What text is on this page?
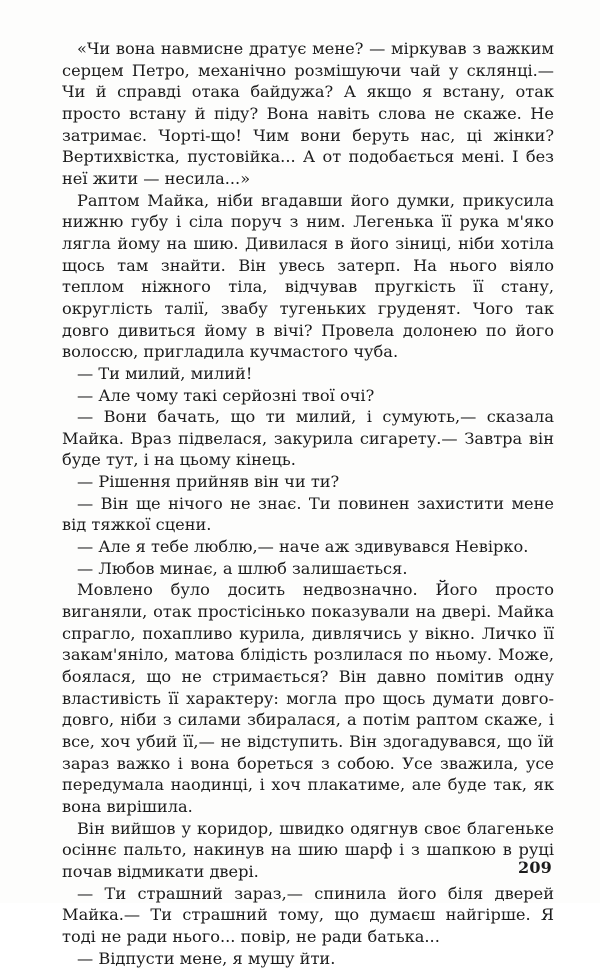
«Чи вона навмисне дратує мене? — міркував з важким серцем Петро, механічно розмішуючи чай у склянці.— Чи й справді отака байдужа? А якщо я встану, отак просто встану й піду? Вона навіть слова не скаже. Не затримає. Чорті-що! Чим вони беруть нас, ці жінки? Вертихвістка, пустовійка... А от подобається мені. І без неї жити — несила...»

Раптом Майка, ніби вгадавши його думки, прикусила нижню губу і сіла поруч з ним. Легенька її рука м'яко лягла йому на шию. Дивилася в його зіниці, ніби хотіла щось там знайти. Він увесь затерп. На нього віяло теплом ніжного тіла, відчував пругкість її стану, округлість талії, звабу тугеньких груденят. Чого так довго дивиться йому в вічі? Провела долонею по його волоссю, пригладила кучмастого чуба.

— Ти милий, милий!

— Але чому такі серйозні твої очі?

— Вони бачать, що ти милий, і сумують,— сказала Майка. Враз підвелася, закурила сигарету.— Завтра він буде тут, і на цьому кінець.

— Рішення прийняв він чи ти?

— Він ще нічого не знає. Ти повинен захистити мене від тяжкої сцени.

— Але я тебе люблю,— наче аж здивувався Невірко.

— Любов минає, а шлюб залишається.

Мовлено було досить недвозначно. Його просто виганяли, отак простісінько показували на двері. Майка спрагло, похапливо курила, дивлячись у вікно. Личко її закам'яніло, матова блідість розлилася по ньому. Може, боялася, що не стримається? Він давно помітив одну властивість її характеру: могла про щось думати довго-довго, ніби з силами збиралася, а потім раптом скаже, і все, хоч убий її,— не відступить. Він здогадувався, що їй зараз важко і вона бореться з собою. Усе зважила, усе передумала наодинці, і хоч плакатиме, але буде так, як вона вирішила.

Він вийшов у коридор, швидко одягнув своє благеньке осіннє пальто, накинув на шию шарф і з шапкою в руці почав відмикати двері.

— Ти страшний зараз,— спинила його біля дверей Майка.— Ти страшний тому, що думаєш найгірше. Я тоді не ради нього... повір, не ради батька...

— Відпусти мене, я мушу йти.

209
